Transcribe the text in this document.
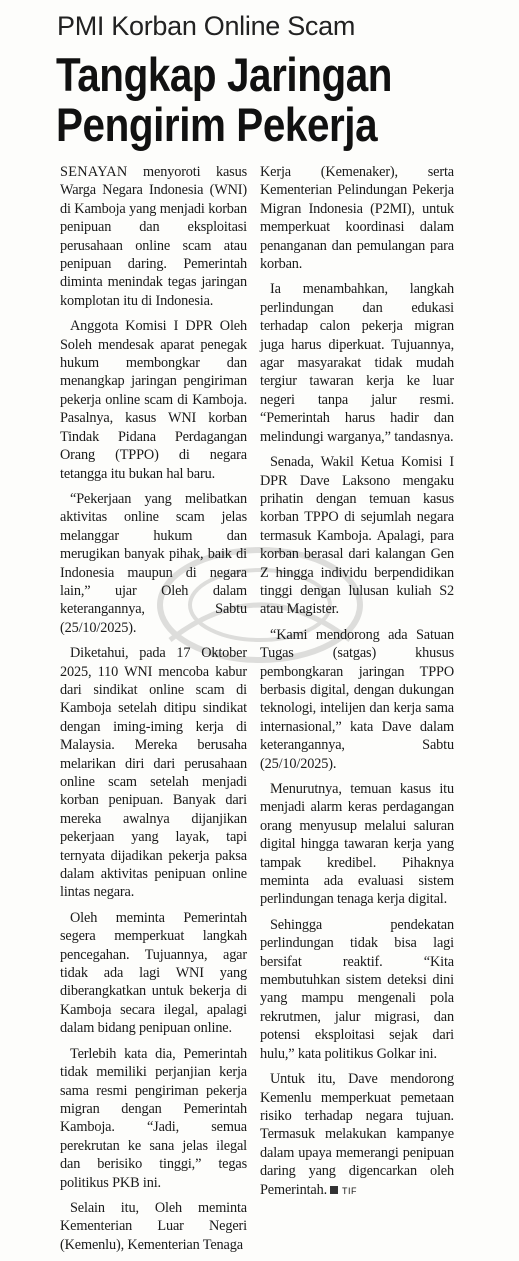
PMI Korban Online Scam
Tangkap Jaringan
Pengirim Pekerja

SENAYAN menyoroti kasus Warga Negara Indonesia (WNI) di Kamboja yang menjadi korban penipuan dan eksploitasi perusahaan online scam atau penipuan daring. Pemerintah diminta menindak tegas jaringan komplotan itu di Indonesia.

Anggota Komisi I DPR Oleh Soleh mendesak aparat penegak hukum membongkar dan menangkap jaringan pengiriman pekerja online scam di Kamboja. Pasalnya, kasus WNI korban Tindak Pidana Perdagangan Orang (TPPO) di negara tetangga itu bukan hal baru.

“Pekerjaan yang melibatkan aktivitas online scam jelas melanggar hukum dan merugikan banyak pihak, baik di Indonesia maupun di negara lain,” ujar Oleh dalam keterangannya, Sabtu (25/10/2025).

Diketahui, pada 17 Oktober 2025, 110 WNI mencoba kabur dari sindikat online scam di Kamboja setelah ditipu sindikat dengan iming-iming kerja di Malaysia. Mereka berusaha melarikan diri dari perusahaan online scam setelah menjadi korban penipuan. Banyak dari mereka awalnya dijanjikan pekerjaan yang layak, tapi ternyata dijadikan pekerja paksa dalam aktivitas penipuan online lintas negara.

Oleh meminta Pemerintah segera memperkuat langkah pencegahan. Tujuannya, agar tidak ada lagi WNI yang diberangkatkan untuk bekerja di Kamboja secara ilegal, apalagi dalam bidang penipuan online.

Terlebih kata dia, Pemerintah tidak memiliki perjanjian kerja sama resmi pengiriman pekerja migran dengan Pemerintah Kamboja. “Jadi, semua perekrutan ke sana jelas ilegal dan berisiko tinggi,” tegas politikus PKB ini.

Selain itu, Oleh meminta Kementerian Luar Negeri (Kemenlu), Kementerian Tenaga

Kerja (Kemenaker), serta Kementerian Pelindungan Pekerja Migran Indonesia (P2MI), untuk memperkuat koordinasi dalam penanganan dan pemulangan para korban.

Ia menambahkan, langkah perlindungan dan edukasi terhadap calon pekerja migran juga harus diperkuat. Tujuannya, agar masyarakat tidak mudah tergiur tawaran kerja ke luar negeri tanpa jalur resmi. “Pemerintah harus hadir dan melindungi warganya,” tandasnya.

Senada, Wakil Ketua Komisi I DPR Dave Laksono mengaku prihatin dengan temuan kasus korban TPPO di sejumlah negara termasuk Kamboja. Apalagi, para korban berasal dari kalangan Gen Z hingga individu berpendidikan tinggi dengan lulusan kuliah S2 atau Magister.

“Kami mendorong ada Satuan Tugas (satgas) khusus pembongkaran jaringan TPPO berbasis digital, dengan dukungan teknologi, intelijen dan kerja sama internasional,” kata Dave dalam keterangannya, Sabtu (25/10/2025).

Menurutnya, temuan kasus itu menjadi alarm keras perdagangan orang menyusup melalui saluran digital hingga tawaran kerja yang tampak kredibel. Pihaknya meminta ada evaluasi sistem perlindungan tenaga kerja digital.

Sehingga pendekatan perlindungan tidak bisa lagi bersifat reaktif. “Kita membutuhkan sistem deteksi dini yang mampu mengenali pola rekrutmen, jalur migrasi, dan potensi eksploitasi sejak dari hulu,” kata politikus Golkar ini.

Untuk itu, Dave mendorong Kemenlu memperkuat pemetaan risiko terhadap negara tujuan. Termasuk melakukan kampanye dalam upaya memerangi penipuan daring yang digencarkan oleh Pemerintah. TIF
